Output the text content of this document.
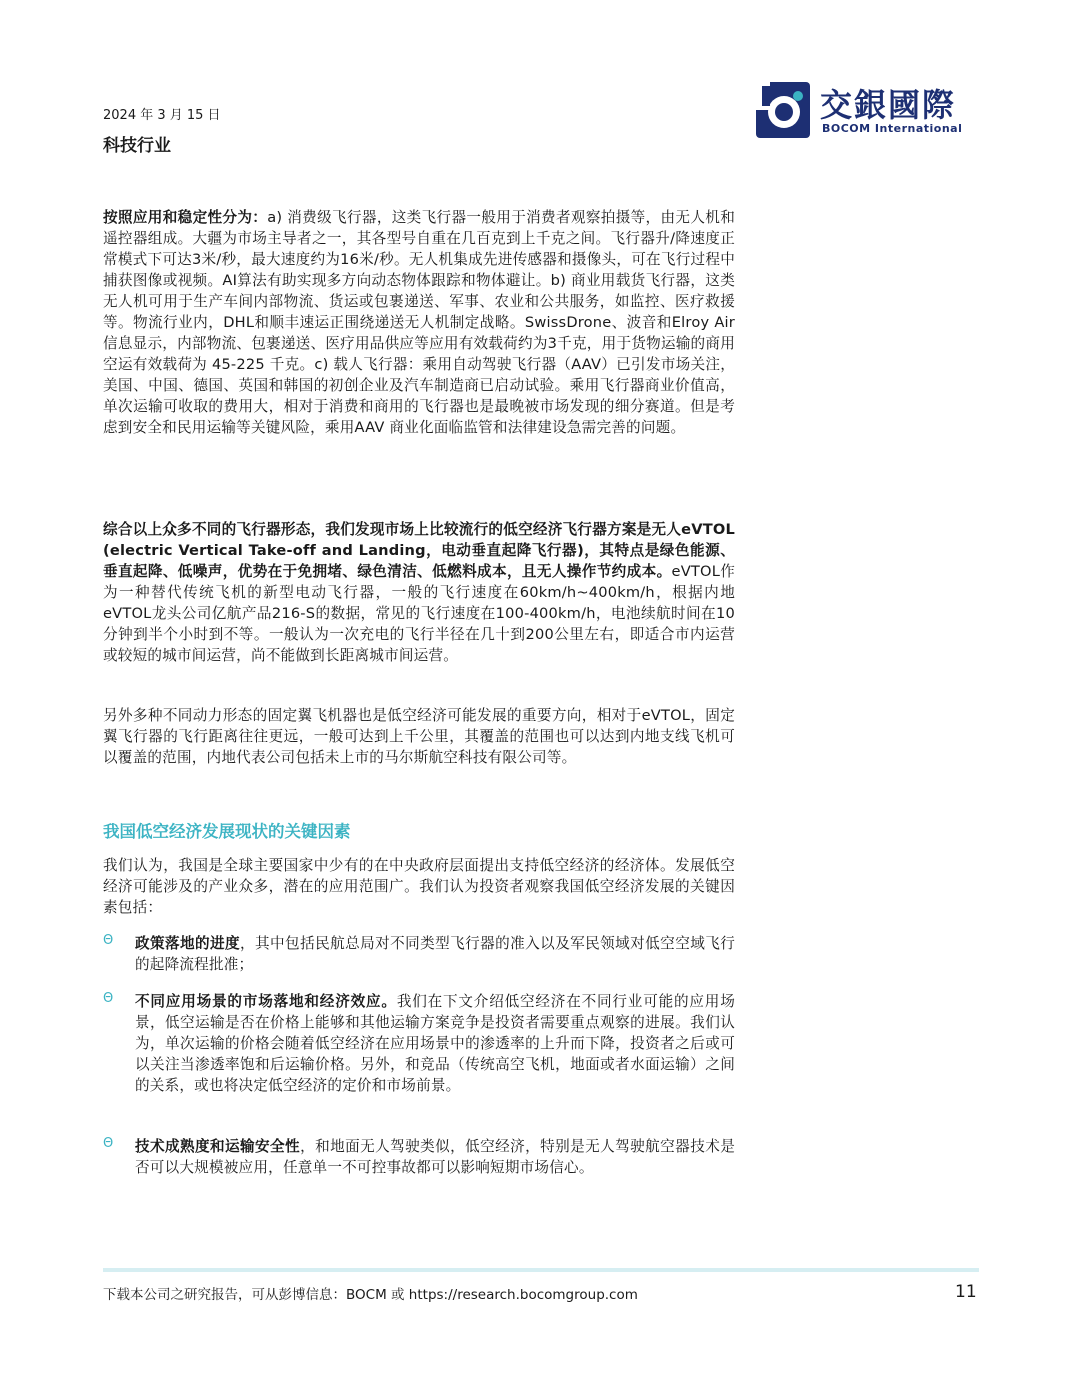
2024 年 3 月 15 日
科技行业
交銀國際
BOCOM International
按照应用和稳定性分为：a) 消费级飞行器，这类飞行器一般用于消费者观察拍摄等，由无人机和遥控器组成。大疆为市场主导者之一，其各型号自重在几百克到上千克之间。飞行器升/降速度正常模式下可达3米/秒，最大速度约为16米/秒。无人机集成先进传感器和摄像头，可在飞行过程中捕获图像或视频。AI算法有助实现多方向动态物体跟踪和物体避让。b) 商业用载货飞行器，这类无人机可用于生产车间内部物流、货运或包裹递送、军事、农业和公共服务，如监控、医疗救援等。物流行业内，DHL和顺丰速运正围绕递送无人机制定战略。SwissDrone、波音和Elroy Air信息显示，内部物流、包裹递送、医疗用品供应等应用有效载荷约为3千克，用于货物运输的商用空运有效载荷为 45-225 千克。c) 载人飞行器：乘用自动驾驶飞行器（AAV）已引发市场关注，美国、中国、德国、英国和韩国的初创企业及汽车制造商已启动试验。乘用飞行器商业价值高，单次运输可收取的费用大，相对于消费和商用的飞行器也是最晚被市场发现的细分赛道。但是考虑到安全和民用运输等关键风险，乘用AAV 商业化面临监管和法律建设急需完善的问题。
综合以上众多不同的飞行器形态，我们发现市场上比较流行的低空经济飞行器方案是无人eVTOL (electric Vertical Take-off and Landing，电动垂直起降飞行器)，其特点是绿色能源、垂直起降、低噪声，优势在于免拥堵、绿色清洁、低燃料成本，且无人操作节约成本。eVTOL作为一种替代传统飞机的新型电动飞行器，一般的飞行速度在60km/h~400km/h，根据内地eVTOL龙头公司亿航产品216-S的数据，常见的飞行速度在100-400km/h，电池续航时间在10分钟到半个小时到不等。一般认为一次充电的飞行半径在几十到200公里左右，即适合市内运营或较短的城市间运营，尚不能做到长距离城市间运营。
另外多种不同动力形态的固定翼飞机器也是低空经济可能发展的重要方向，相对于eVTOL，固定翼飞行器的飞行距离往往更远，一般可达到上千公里，其覆盖的范围也可以达到内地支线飞机可以覆盖的范围，内地代表公司包括未上市的马尔斯航空科技有限公司等。
我国低空经济发展现状的关键因素
我们认为，我国是全球主要国家中少有的在中央政府层面提出支持低空经济的经济体。发展低空经济可能涉及的产业众多，潜在的应用范围广。我们认为投资者观察我国低空经济发展的关键因素包括：
Θ	政策落地的进度，其中包括民航总局对不同类型飞行器的准入以及军民领域对低空空域飞行的起降流程批准；
Θ	不同应用场景的市场落地和经济效应。我们在下文介绍低空经济在不同行业可能的应用场景，低空运输是否在价格上能够和其他运输方案竞争是投资者需要重点观察的进展。我们认为，单次运输的价格会随着低空经济在应用场景中的渗透率的上升而下降，投资者之后或可以关注当渗透率饱和后运输价格。另外，和竞品（传统高空飞机，地面或者水面运输）之间的关系，或也将决定低空经济的定价和市场前景。
Θ	技术成熟度和运输安全性，和地面无人驾驶类似，低空经济，特别是无人驾驶航空器技术是否可以大规模被应用，任意单一不可控事故都可以影响短期市场信心。
下载本公司之研究报告，可从彭博信息：BOCM 或 https://research.bocomgroup.com	11
